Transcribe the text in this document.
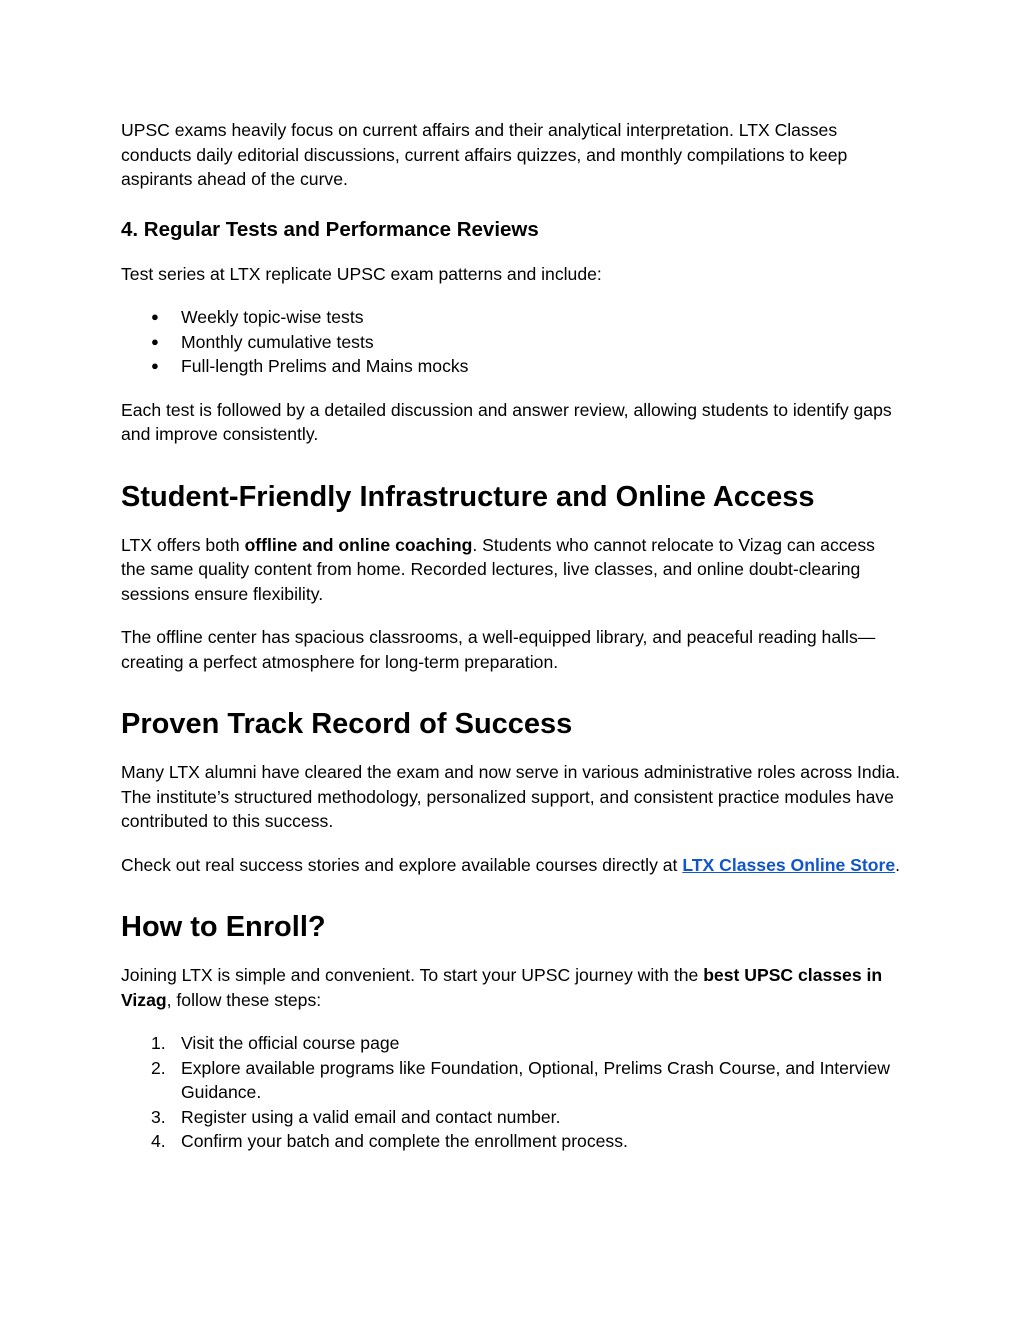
UPSC exams heavily focus on current affairs and their analytical interpretation. LTX Classes conducts daily editorial discussions, current affairs quizzes, and monthly compilations to keep aspirants ahead of the curve.

4. Regular Tests and Performance Reviews

Test series at LTX replicate UPSC exam patterns and include:

● Weekly topic-wise tests
● Monthly cumulative tests
● Full-length Prelims and Mains mocks

Each test is followed by a detailed discussion and answer review, allowing students to identify gaps and improve consistently.

Student-Friendly Infrastructure and Online Access

LTX offers both offline and online coaching. Students who cannot relocate to Vizag can access the same quality content from home. Recorded lectures, live classes, and online doubt-clearing sessions ensure flexibility.

The offline center has spacious classrooms, a well-equipped library, and peaceful reading halls—creating a perfect atmosphere for long-term preparation.

Proven Track Record of Success

Many LTX alumni have cleared the exam and now serve in various administrative roles across India. The institute’s structured methodology, personalized support, and consistent practice modules have contributed to this success.

Check out real success stories and explore available courses directly at LTX Classes Online Store.

How to Enroll?

Joining LTX is simple and convenient. To start your UPSC journey with the best UPSC classes in Vizag, follow these steps:

1. Visit the official course page
2. Explore available programs like Foundation, Optional, Prelims Crash Course, and Interview Guidance.
3. Register using a valid email and contact number.
4. Confirm your batch and complete the enrollment process.
